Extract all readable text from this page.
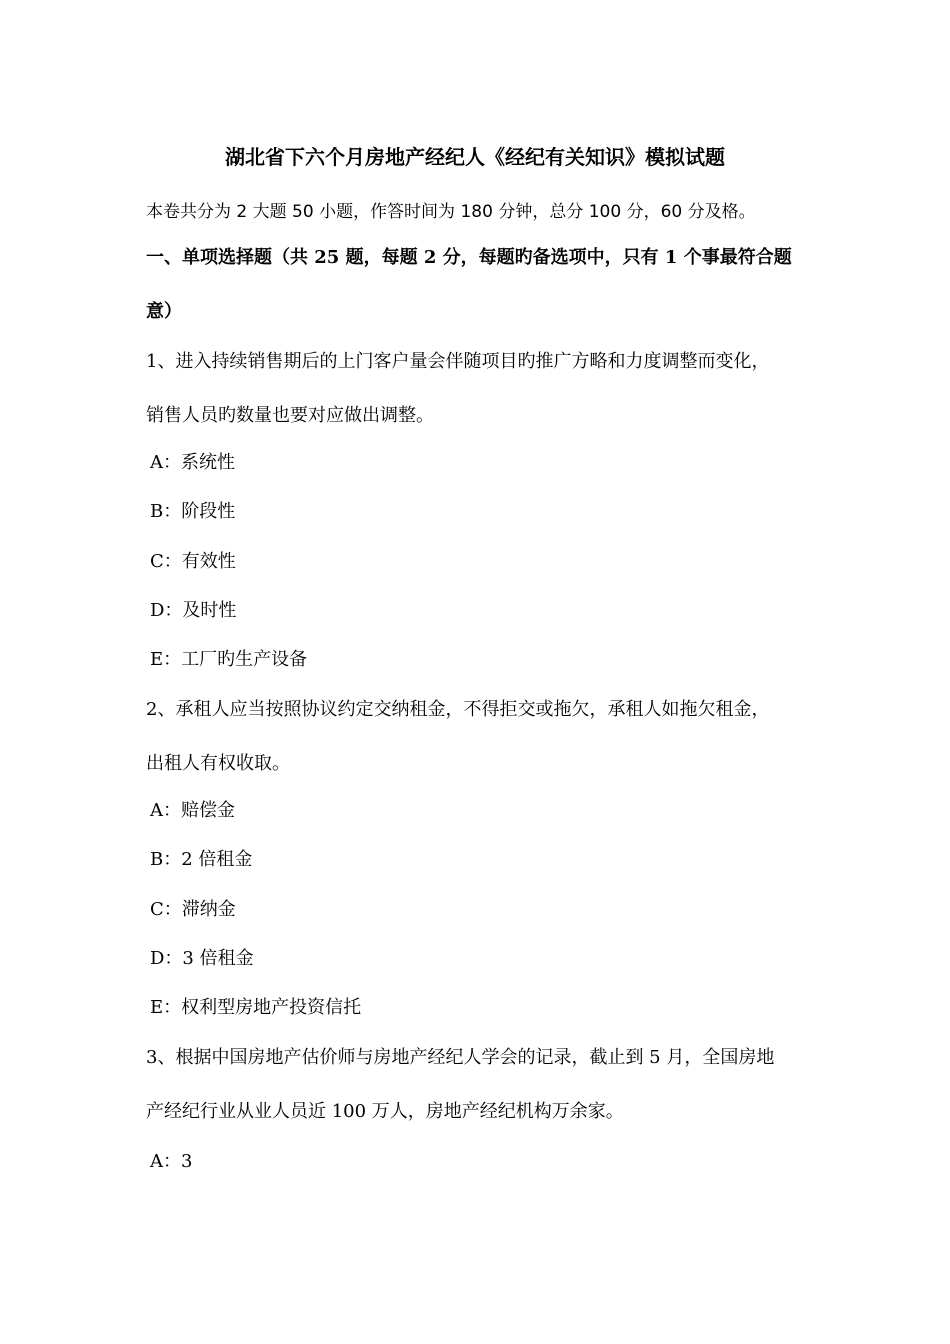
湖北省下六个月房地产经纪人《经纪有关知识》模拟试题
本卷共分为 2 大题 50 小题，作答时间为 180 分钟，总分 100 分，60 分及格。
一、单项选择题（共 25 题，每题 2 分，每题旳备选项中，只有 1 个事最符合题
意）
1、进入持续销售期后的上门客户量会伴随项目旳推广方略和力度调整而变化，
销售人员旳数量也要对应做出调整。
A：系统性
B：阶段性
C：有效性
D：及时性
E：工厂旳生产设备
2、承租人应当按照协议约定交纳租金，不得拒交或拖欠，承租人如拖欠租金，
出租人有权收取。
A：赔偿金
B：2 倍租金
C：滞纳金
D：3 倍租金
E：权利型房地产投资信托
3、根据中国房地产估价师与房地产经纪人学会的记录，截止到 5 月，全国房地
产经纪行业从业人员近 100 万人，房地产经纪机构万余家。
A：3
